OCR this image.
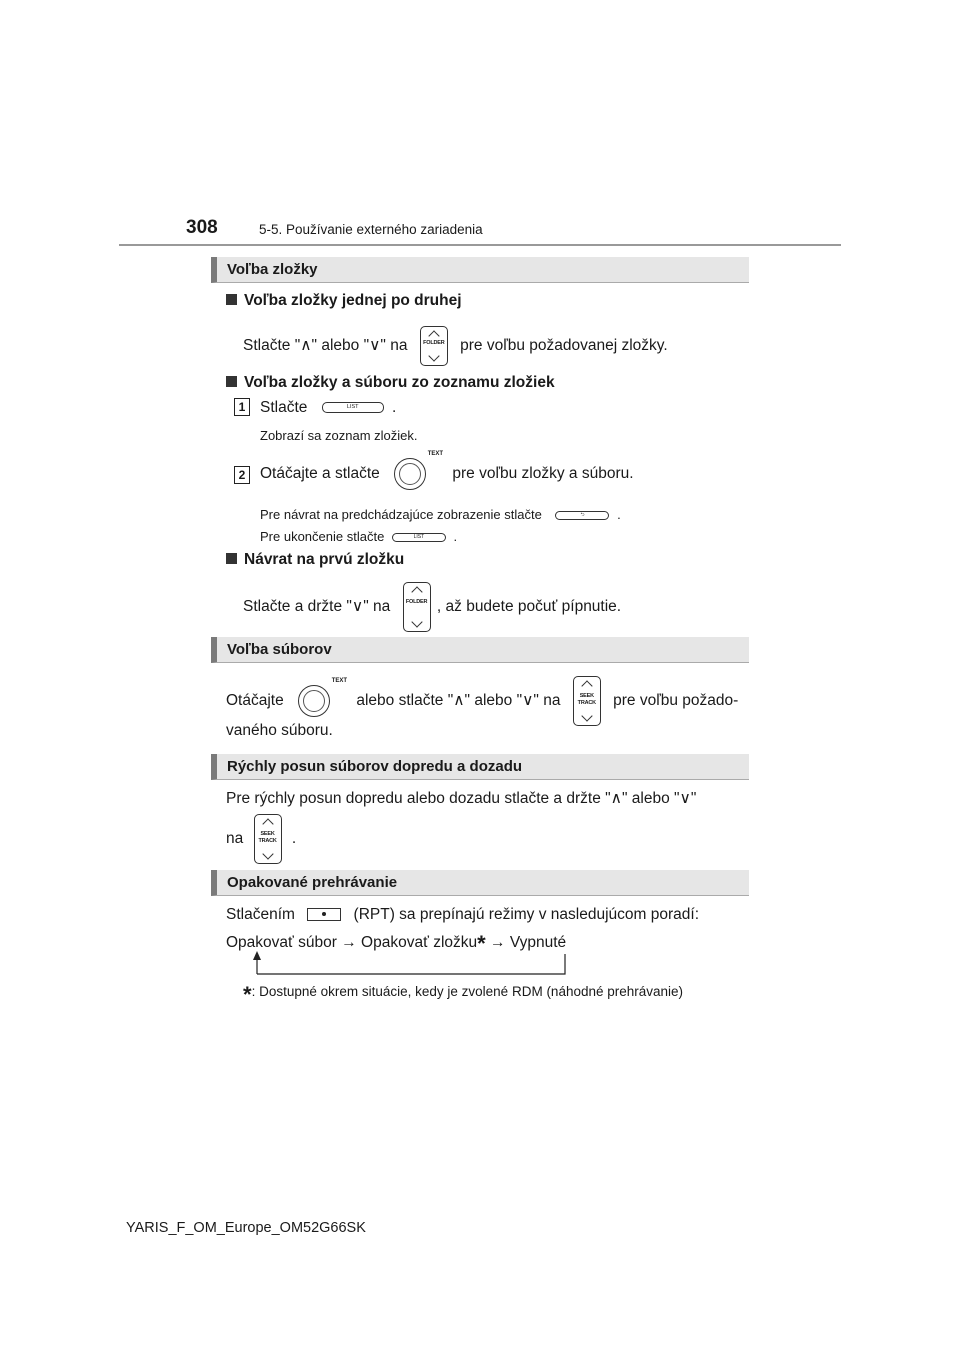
308	5-5. Používanie externého zariadenia
Voľba zložky
Voľba zložky jednej po druhej
Stlačte "∧" alebo "∨" na	FOLDER pre voľbu požadovanej zložky.
Voľba zložky a súboru zo zoznamu zložiek
1 Stlačte	LIST	.
Zobrazí sa zoznam zložiek.
2 Otáčajte a stlačte
TEXT
pre voľbu zložky a súboru.
Pre návrat na predchádzajúce zobrazenie stlačte	⮌	.
Pre ukončenie stlačte	LIST	.
Návrat na prvú zložku
Stlačte a držte "∨" na	FOLDER , až budete počuť pípnutie.
Voľba súborov
Otáčajte
TEXT
alebo stlačte "∧" alebo "∨" na	SEEK
TRACK pre voľbu požado-
vaného súboru.
Rýchly posun súborov dopredu a dozadu
Pre rýchly posun dopredu alebo dozadu stlačte a držte "∧" alebo "∨"
na	SEEK
TRACK .
Opakované prehrávanie
Stlačením	(RPT) sa prepínajú režimy v nasledujúcom poradí:
Opakovať súbor → Opakovať zložku* → Vypnuté
*: Dostupné okrem situácie, kedy je zvolené RDM (náhodné prehrávanie)
YARIS_F_OM_Europe_OM52G66SK
